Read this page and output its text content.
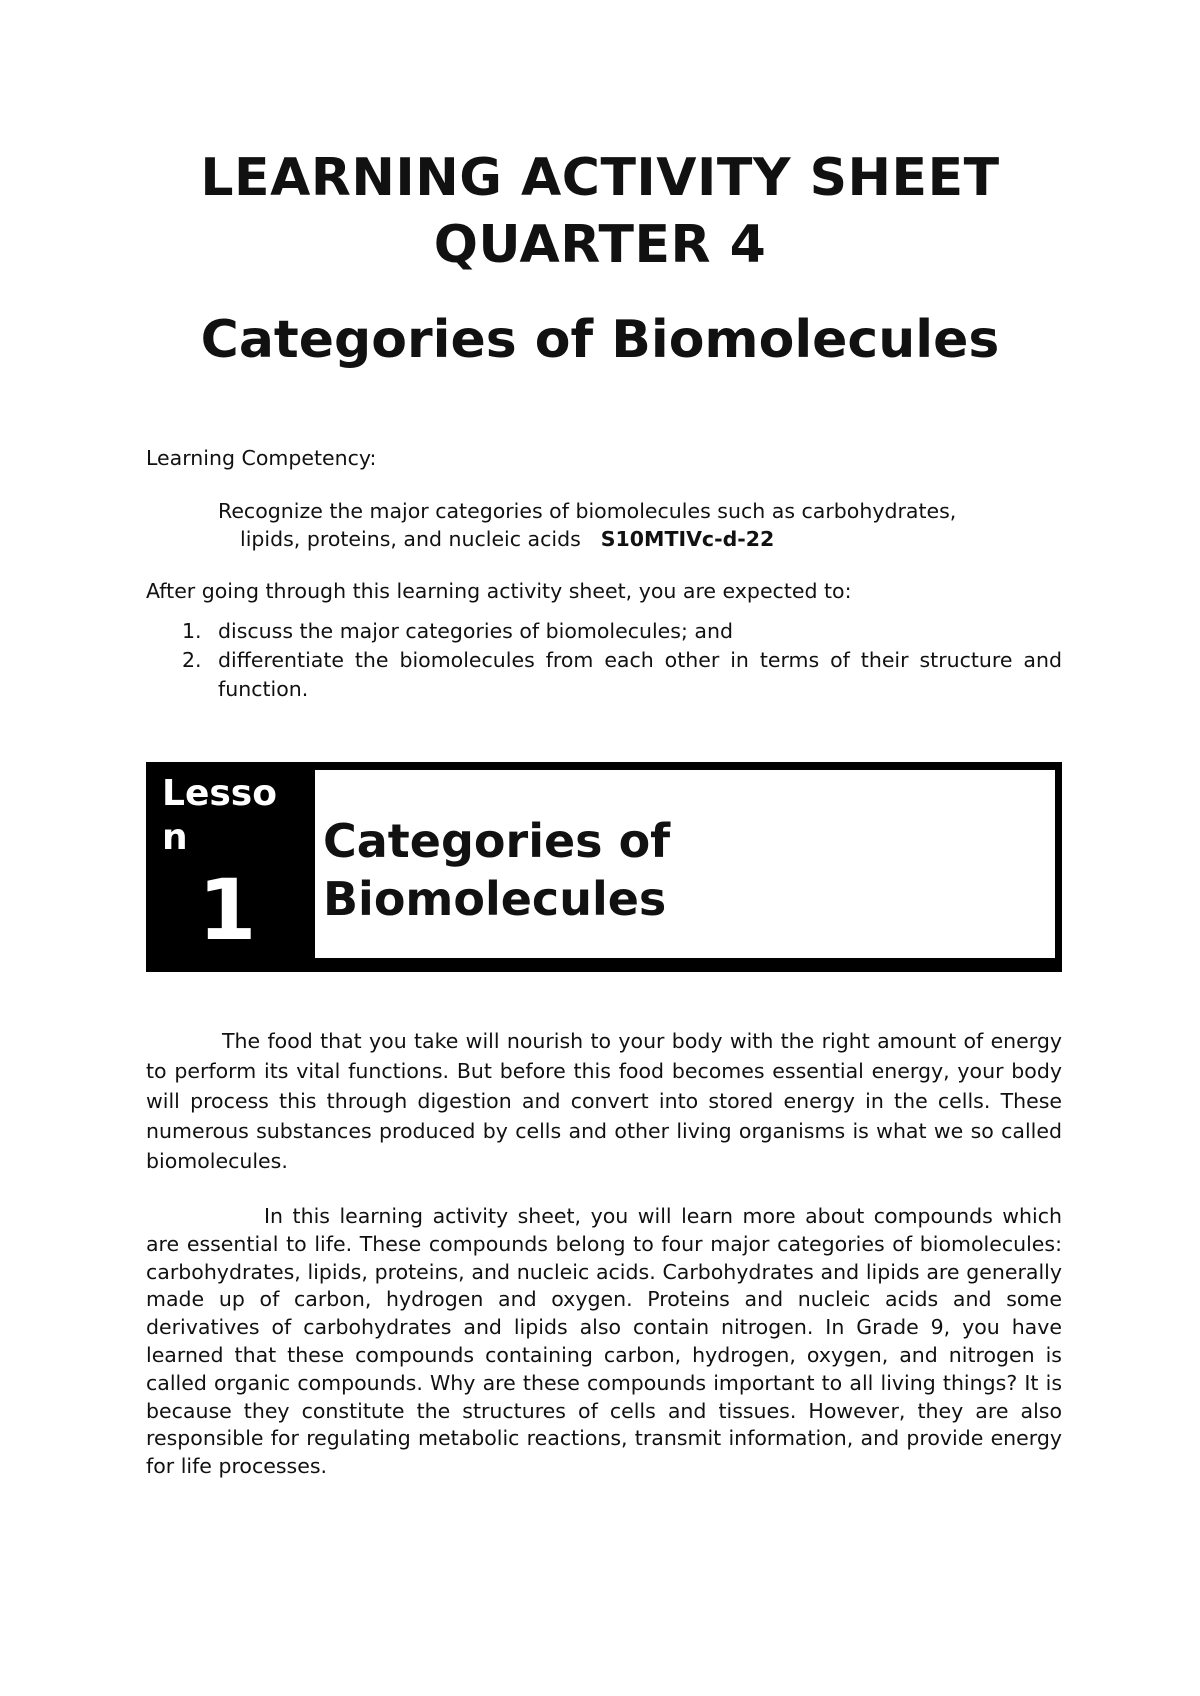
LEARNING ACTIVITY SHEET
QUARTER 4
Categories of Biomolecules
Learning Competency:
Recognize the major categories of biomolecules such as carbohydrates,
lipids, proteins, and nucleic acids S10MTIVc-d-22
After going through this learning activity sheet, you are expected to:
1. discuss the major categories of biomolecules; and
2. differentiate the biomolecules from each other in terms of their structure and function.
Lesson
1
Categories of
Biomolecules
The food that you take will nourish to your body with the right amount of energy to perform its vital functions. But before this food becomes essential energy, your body will process this through digestion and convert into stored energy in the cells. These numerous substances produced by cells and other living organisms is what we so called biomolecules.
In this learning activity sheet, you will learn more about compounds which are essential to life. These compounds belong to four major categories of biomolecules: carbohydrates, lipids, proteins, and nucleic acids. Carbohydrates and lipids are generally made up of carbon, hydrogen and oxygen. Proteins and nucleic acids and some derivatives of carbohydrates and lipids also contain nitrogen. In Grade 9, you have learned that these compounds containing carbon, hydrogen, oxygen, and nitrogen is called organic compounds. Why are these compounds important to all living things? It is because they constitute the structures of cells and tissues. However, they are also responsible for regulating metabolic reactions, transmit information, and provide energy for life processes.
